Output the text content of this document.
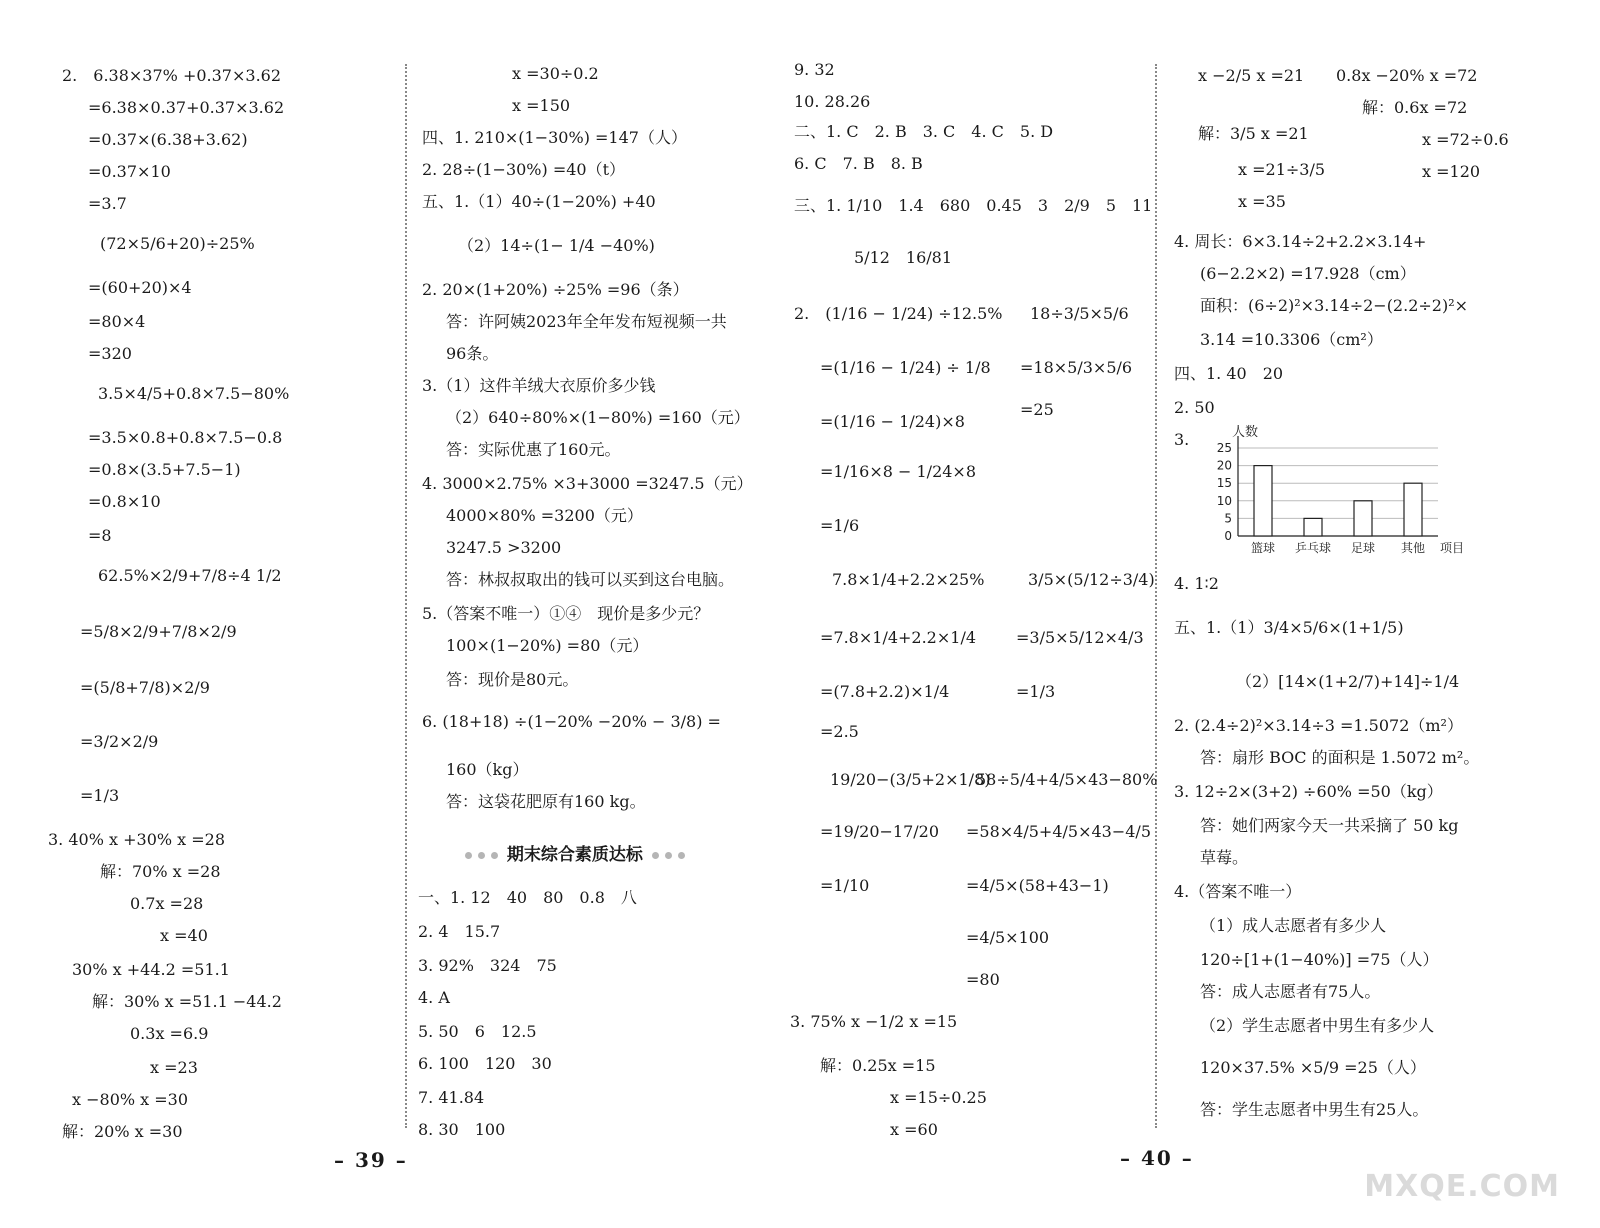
2.　6.38×37% +0.37×3.62
=6.38×0.37+0.37×3.62
=0.37×(6.38+3.62)
=0.37×10
=3.7
(72×5/6+20)÷25%
=(60+20)×4
=80×4
=320
3.5×4/5+0.8×7.5−80%
=3.5×0.8+0.8×7.5−0.8
=0.8×(3.5+7.5−1)
=0.8×10
=8
62.5%×2/9+7/8÷4 1/2
=5/8×2/9+7/8×2/9
=(5/8+7/8)×2/9
=3/2×2/9
=1/3
3. 40% x +30% x =28
解：70% x =28
0.7x =28
x =40
30% x +44.2 =51.1
解：30% x =51.1 −44.2
0.3x =6.9
x =23
x −80% x =30
解：20% x =30
x =30÷0.2
x =150
四、1. 210×(1−30%) =147（人）
2. 28÷(1−30%) =40（t）
五、1.（1）40÷(1−20%) +40
（2）14÷(1− 1/4 −40%)
2. 20×(1+20%) ÷25% =96（条）
答：许阿姨2023年全年发布短视频一共
96条。
3.（1）这件羊绒大衣原价多少钱
（2）640÷80%×(1−80%) =160（元）
答：实际优惠了160元。
4. 3000×2.75% ×3+3000 =3247.5（元）
4000×80% =3200（元）
3247.5 >3200
答：林叔叔取出的钱可以买到这台电脑。
5.（答案不唯一）①④　现价是多少元？
100×(1−20%) =80（元）
答：现价是80元。
6. (18+18) ÷(1−20% −20% − 3/8) =
160（kg）
答：这袋花肥原有160 kg。
期末综合素质达标
一、1. 12　40　80　0.8　八
2. 4　15.7
3. 92%　324　75
4. A
5. 50　6　12.5
6. 100　120　30
7. 41.84
8. 30　100
– 39 –
9. 32
10. 28.26
二、1. C　2. B　3. C　4. C　5. D
6. C　7. B　8. B
三、1. 1/10　1.4　680　0.45　3　2/9　5　11
5/12　16/81
2.　(1/16 − 1/24) ÷12.5% 18÷3/5×5/6
=(1/16 − 1/24) ÷ 1/8 =18×5/3×5/6
=(1/16 − 1/24)×8
=25
=1/16×8 − 1/24×8
=1/6
7.8×1/4+2.2×25%	3/5×(5/12÷3/4)
=7.8×1/4+2.2×1/4 =3/5×5/12×4/3
=(7.8+2.2)×1/4	=1/3
=2.5
19/20−(3/5+2×1/8)
58÷5/4+4/5×43−80%
=19/20−17/20 =58×4/5+4/5×43−4/5
=1/10	=4/5×(58+43−1)
=4/5×100
=80
3. 75% x −1/2 x =15
解：0.25x =15
x =15÷0.25
x =60
x −2/5 x =21 0.8x −20% x =72
解：0.6x =72
解：3/5 x =21	x =72÷0.6
x =21÷3/5	x =120
x =35
4. 周长：6×3.14÷2+2.2×3.14+
(6−2.2×2) =17.928（cm）
面积：(6÷2)²×3.14÷2−(2.2÷2)²×
3.14 =10.3306（cm²）
四、1. 40　20
2. 50
3.
0
5
10
15
20
25
人数
项目
篮球 乒乓球 足球 其他
4. 1∶2
五、1.（1）3/4×5/6×(1+1/5)
（2）[14×(1+2/7)+14]÷1/4
2. (2.4÷2)²×3.14÷3 =1.5072（m²）
答：扇形 BOC 的面积是 1.5072 m²。
3. 12÷2×(3+2) ÷60% =50（kg）
答：她们两家今天一共采摘了 50 kg
草莓。
4.（答案不唯一）
（1）成人志愿者有多少人
120÷[1+(1−40%)] =75（人）
答：成人志愿者有75人。
（2）学生志愿者中男生有多少人
120×37.5% ×5/9 =25（人）
答：学生志愿者中男生有25人。
– 40 –
MXQE.COM
